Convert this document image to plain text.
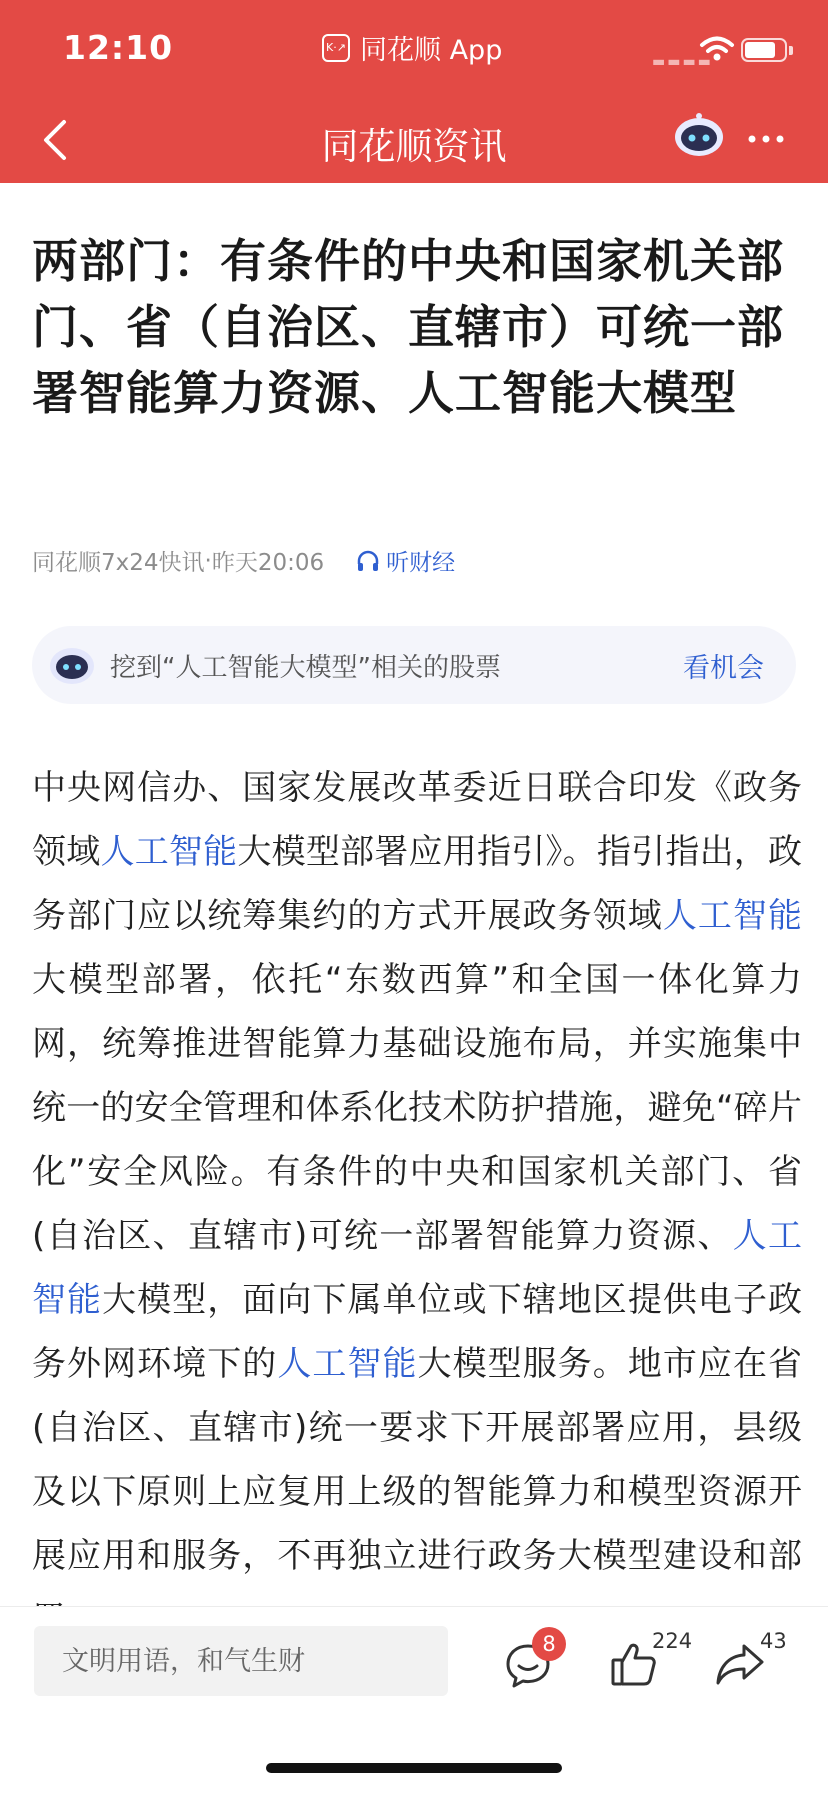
12:10	K·↗ 同花顺 App	▬▬▬▬
同花顺资讯
两部门：有条件的中央和国家机关部门、省（自治区、直辖市）可统一部署智能算力资源、人工智能大模型
同花顺7x24快讯 · 昨天20:06	听财经
挖到“人工智能大模型”相关的股票	看机会

中央网信办、国家发展改革委近日联合印发《政务领域人工智能大模型部署应用指引》。指引指出，政务部门应以统筹集约的方式开展政务领域人工智能大模型部署，依托“东数西算”和全国一体化算力网，统筹推进智能算力基础设施布局，并实施集中统一的安全管理和体系化技术防护措施，避免“碎片化”安全风险。有条件的中央和国家机关部门、省(自治区、直辖市)可统一部署智能算力资源、人工智能大模型，面向下属单位或下辖地区提供电子政务外网环境下的人工智能大模型服务。地市应在省(自治区、直辖市)统一要求下开展部署应用，县级及以下原则上应复用上级的智能算力和模型资源开展应用和服务，不再独立进行政务大模型建设和部

文明用语，和气生财
8	224	43
